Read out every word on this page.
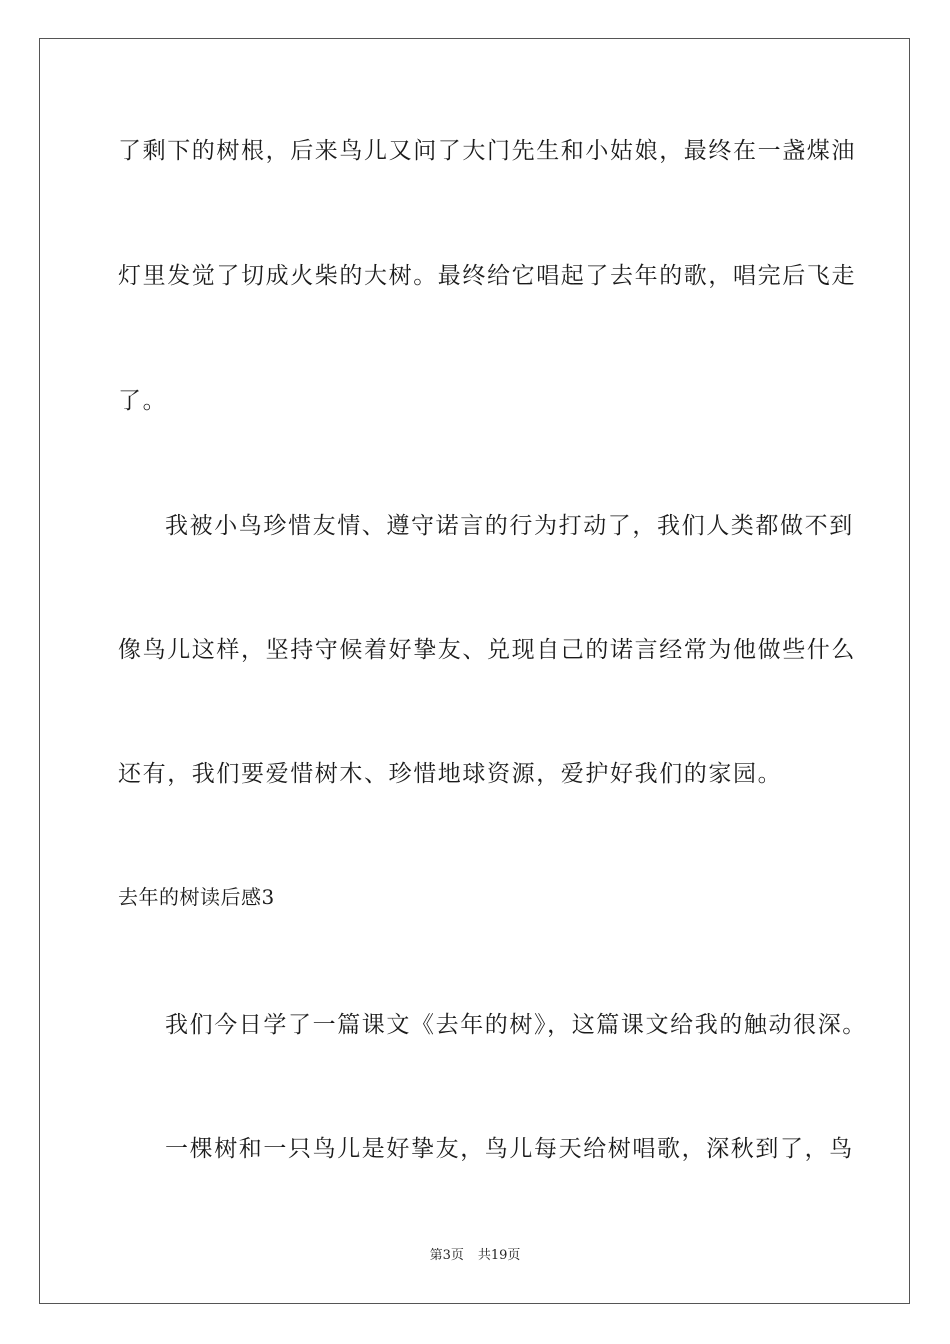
了剩下的树根，后来鸟儿又问了大门先生和小姑娘，最终在一盏煤油
灯里发觉了切成火柴的大树。最终给它唱起了去年的歌，唱完后飞走
了。
我被小鸟珍惜友情、遵守诺言的行为打动了，我们人类都做不到
像鸟儿这样，坚持守候着好挚友、兑现自己的诺言经常为他做些什么
还有，我们要爱惜树木、珍惜地球资源，爱护好我们的家园。
去年的树读后感3
我们今日学了一篇课文《去年的树》，这篇课文给我的触动很深。
一棵树和一只鸟儿是好挚友，鸟儿每天给树唱歌，深秋到了，鸟
第3页 共19页
